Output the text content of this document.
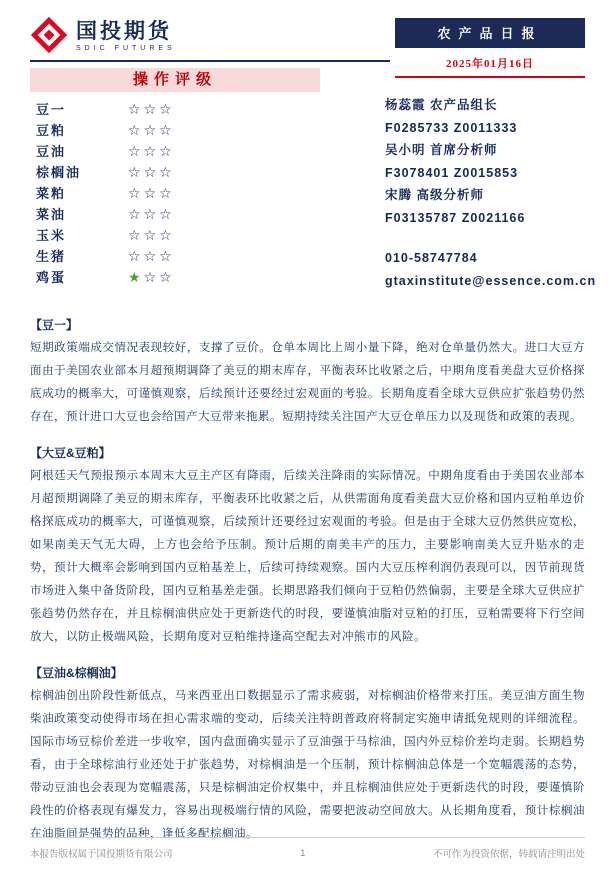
国投期货
SDIC FUTURES
农产品日报
2025年01月16日
操作评级
豆一	☆☆☆
豆粕	☆☆☆
豆油	☆☆☆
棕榈油	☆☆☆
菜粕	☆☆☆
菜油	☆☆☆
玉米	☆☆☆
生猪	☆☆☆
鸡蛋	★☆☆
杨蕊霞 农产品组长
F0285733 Z0011333
吴小明 首席分析师
F3078401 Z0015853
宋腾 高级分析师
F03135787 Z0021166
010-58747784
gtaxinstitute@essence.com.cn
【豆一】
短期政策端成交情况表现较好，支撑了豆价。仓单本周比上周小量下降，绝对仓单量仍然大。进口大豆方面由于美国农业部本月超预期调降了美豆的期末库存，平衡表环比收紧之后，中期角度看美盘大豆价格探底成功的概率大，可谨慎观察，后续预计还要经过宏观面的考验。长期角度看全球大豆供应扩张趋势仍然存在，预计进口大豆也会给国产大豆带来拖累。短期持续关注国产大豆仓单压力以及现货和政策的表现。
【大豆&豆粕】
阿根廷天气预报预示本周末大豆主产区有降雨，后续关注降雨的实际情况。中期角度看由于美国农业部本月超预期调降了美豆的期末库存，平衡表环比收紧之后，从供需面角度看美盘大豆价格和国内豆粕单边价格探底成功的概率大，可谨慎观察，后续预计还要经过宏观面的考验。但是由于全球大豆仍然供应宽松，如果南美天气无大碍，上方也会给予压制。预计后期的南美丰产的压力，主要影响南美大豆升贴水的走势，预计大概率会影响到国内豆粕基差上，后续可持续观察。国内大豆压榨利润仍表现可以，因节前现货市场进入集中备货阶段，国内豆粕基差走强。长期思路我们倾向于豆粕仍然偏弱，主要是全球大豆供应扩张趋势仍然存在，并且棕榈油供应处于更新迭代的时段，要谨慎油脂对豆粕的打压，豆粕需要将下行空间放大，以防止极端风险，长期角度对豆粕维持逢高空配去对冲熊市的风险。
【豆油&棕榈油】
棕榈油创出阶段性新低点，马来西亚出口数据显示了需求疲弱，对棕榈油价格带来打压。美豆油方面生物柴油政策变动使得市场在担心需求端的变动，后续关注特朗普政府将制定实施申请抵免规则的详细流程。国际市场豆棕价差进一步收窄，国内盘面确实显示了豆油强于马棕油，国内外豆棕价差均走弱。长期趋势看，由于全球棕油行业还处于扩张趋势，对棕榈油是一个压制，预计棕榈油总体是一个宽幅震荡的态势，带动豆油也会表现为宽幅震荡，只是棕榈油定价权集中，并且棕榈油供应处于更新迭代的时段，要谨慎阶段性的价格表现有爆发力，容易出现极端行情的风险，需要把波动空间放大。从长期角度看，预计棕榈油在油脂间是强势的品种，逢低多配棕榈油。
本报告版权属于国投期货有限公司	1	不可作为投资依据，转载请注明出处
